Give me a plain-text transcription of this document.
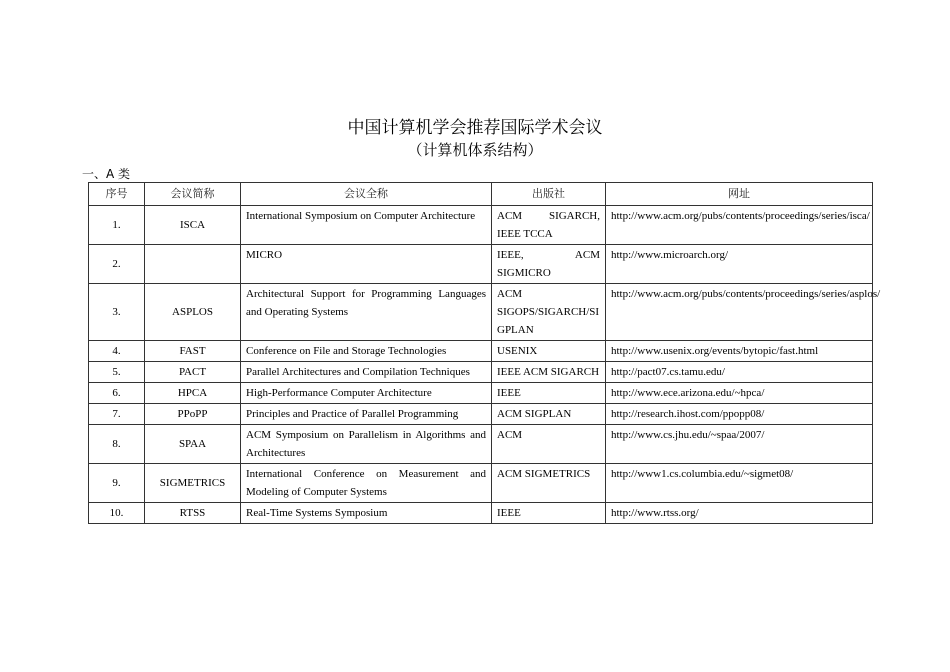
中国计算机学会推荐国际学术会议
（计算机体系结构）
一、A 类
序号	会议简称	会议全称	出版社	网址
1.	ISCA	International Symposium on Computer Architecture	ACM SIGARCH, IEEE TCCA	http://www.acm.org/pubs/contents/proceedings/series/isca/
2.		MICRO	IEEE, ACM SIGMICRO	http://www.microarch.org/
3.	ASPLOS	Architectural Support for Programming Languages and Operating Systems	ACM SIGOPS/SIGARCH/SIGPLAN	http://www.acm.org/pubs/contents/proceedings/series/asplos/
4.	FAST	Conference on File and Storage Technologies	USENIX	http://www.usenix.org/events/bytopic/fast.html
5.	PACT	Parallel Architectures and Compilation Techniques	IEEE ACM SIGARCH	http://pact07.cs.tamu.edu/
6.	HPCA	High-Performance Computer Architecture	IEEE	http://www.ece.arizona.edu/~hpca/
7.	PPoPP	Principles and Practice of Parallel Programming	ACM SIGPLAN	http://research.ihost.com/ppopp08/
8.	SPAA	ACM Symposium on Parallelism in Algorithms and Architectures	ACM	http://www.cs.jhu.edu/~spaa/2007/
9.	SIGMETRICS	International Conference on Measurement and Modeling of Computer Systems	ACM SIGMETRICS	http://www1.cs.columbia.edu/~sigmet08/
10.	RTSS	Real-Time Systems Symposium	IEEE	http://www.rtss.org/
